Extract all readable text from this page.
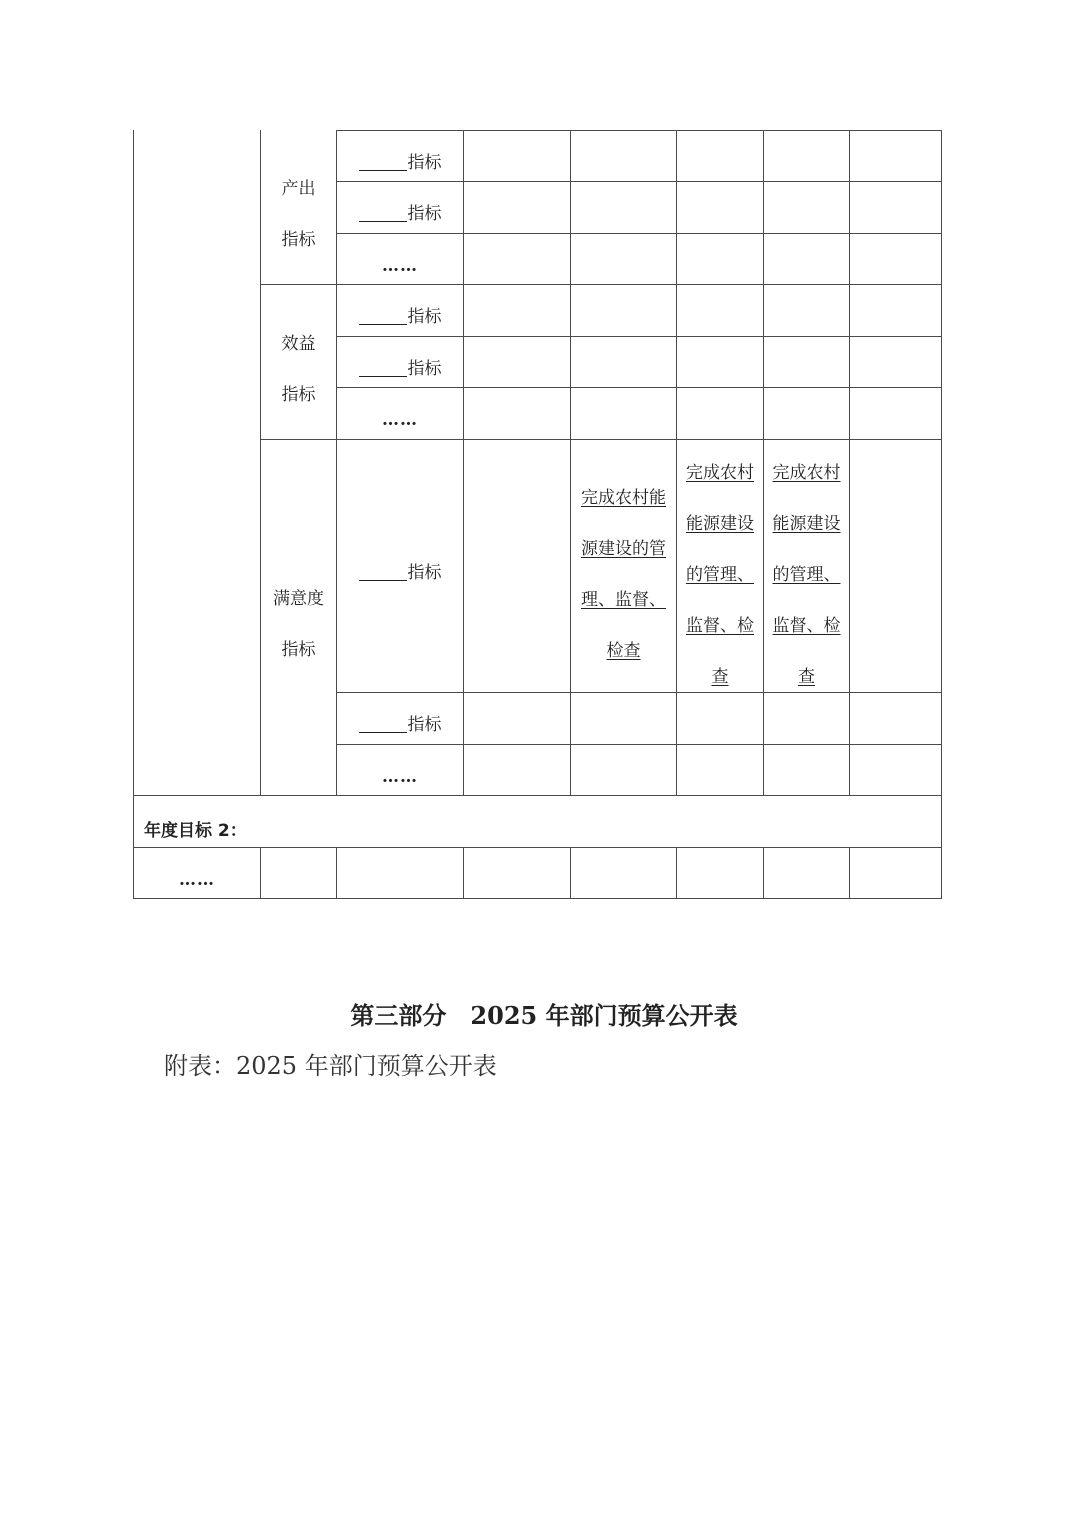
产出
指标
效益
指标
满意度
指标
指标
指标
……
指标
指标
……
指标
指标
……
完成农村能
源建设的管
理、监督、
检查
完成农村
能源建设
的管理、
监督、检
查
完成农村
能源建设
的管理、
监督、检
查
年度目标 2：
……
第三部分　2025 年部门预算公开表
附表：2025 年部门预算公开表
